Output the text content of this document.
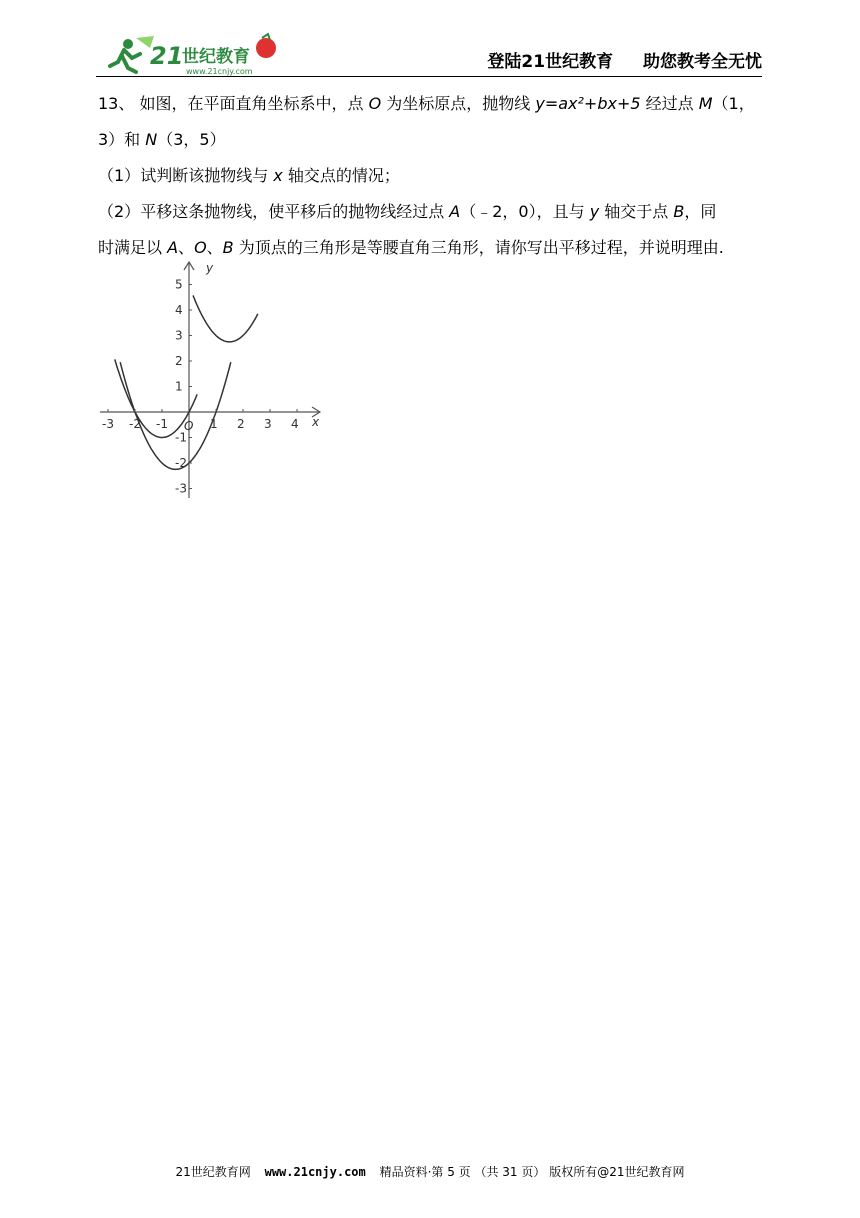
21
世纪教育
www.21cnjy.com	登陆21世纪教育 助您教考全无忧

13、 如图，在平面直角坐标系中，点 O 为坐标原点，抛物线 y=ax²+bx+5 经过点 M（1，

3）和 N（3，5）

（1）试判断该抛物线与 x 轴交点的情况；

（2）平移这条抛物线，使平移后的抛物线经过点 A（﹣2，0），且与 y 轴交于点 B，同

时满足以 A、O、B 为顶点的三角形是等腰直角三角形，请你写出平移过程，并说明理由.

-3 -2 -1	1 2 3 4
5
4
3
2
1
-1
-2
-3
x
y
O
21世纪教育网 www.21cnjy.com 精品资料·第 5 页 （共 31 页） 版权所有@21世纪教育网
